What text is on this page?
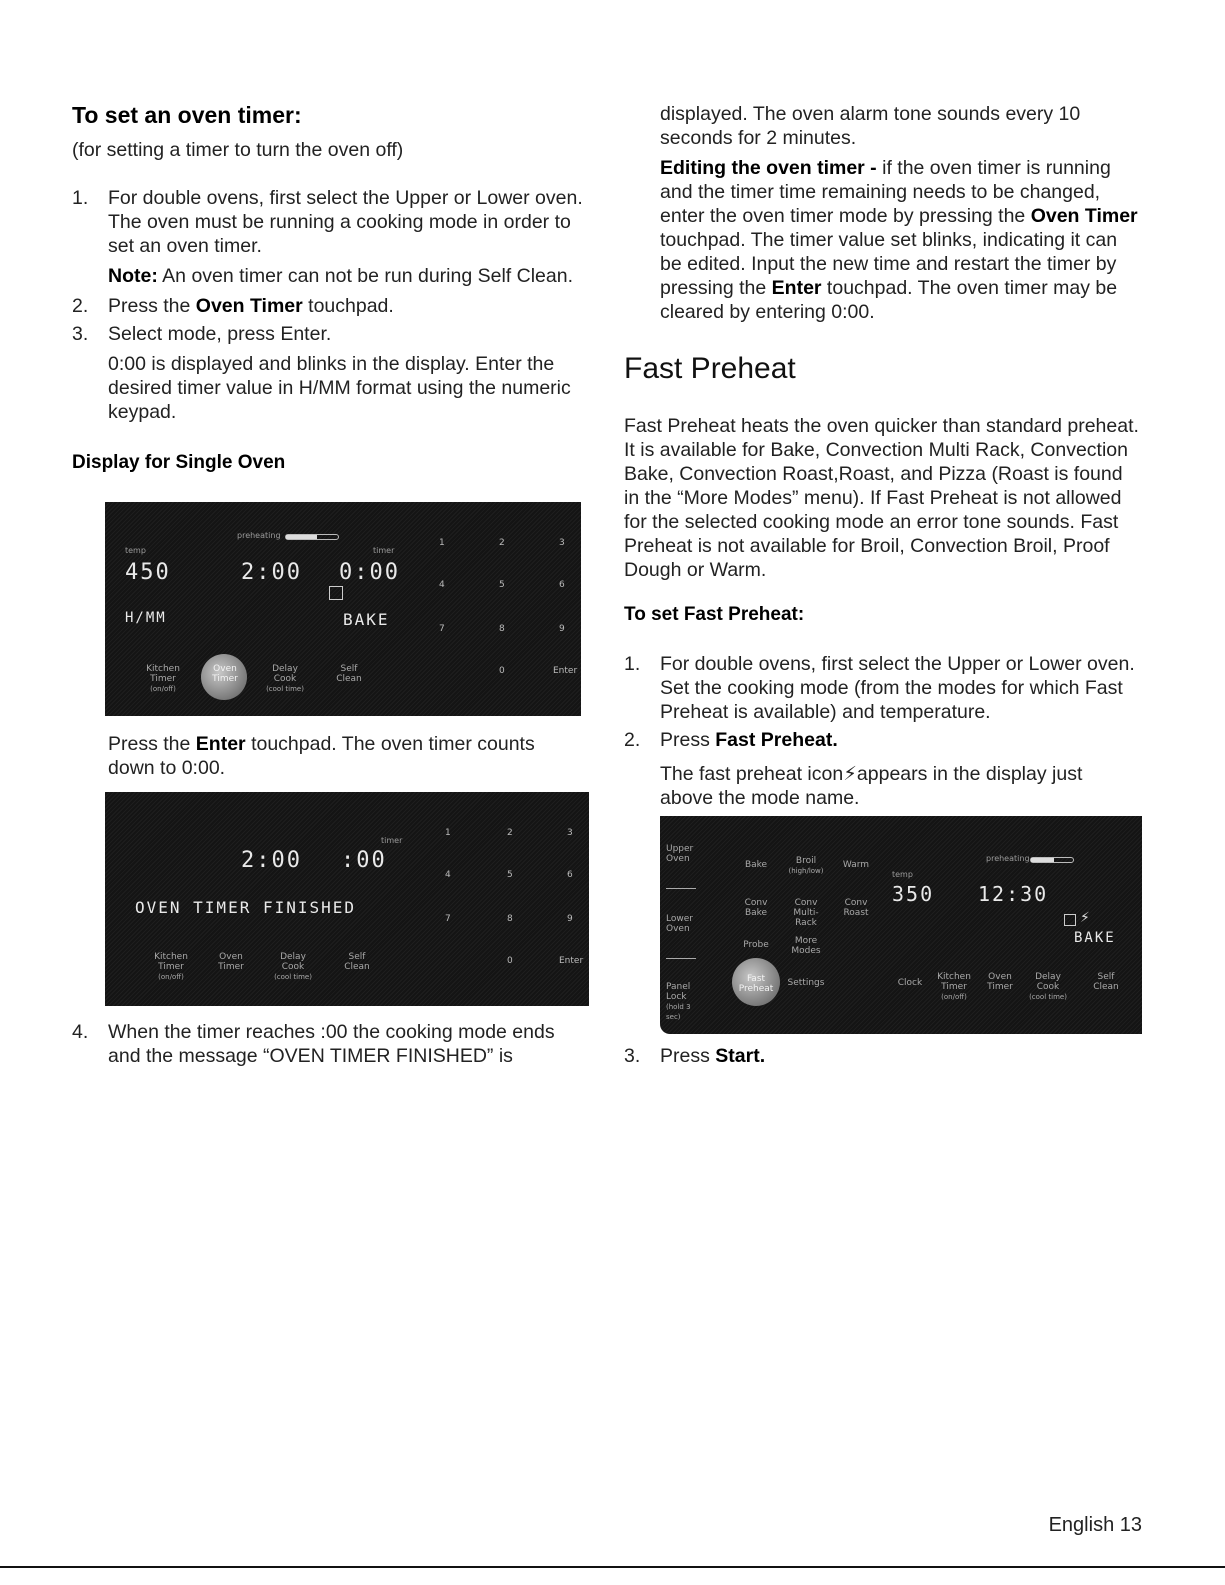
To set an oven timer:

(for setting a timer to turn the oven off)

1. For double ovens, first select the Upper or Lower oven. The oven must be running a cooking mode in order to set an oven timer.

Note: An oven timer can not be run during Self Clean.

2. Press the Oven Timer touchpad.

3. Select mode, press Enter.

0:00 is displayed and blinks in the display. Enter the desired timer value in H/MM format using the numeric keypad.

Display for Single Oven
preheating
temp
450	2:00
timer
0:00
H/MM	BAKE
1	2	3
4	5	6
7	8	9
0	Enter
Kitchen Timer
(on/off)
Oven Timer
Delay Cook
(cool time)
Self Clean

Press the Enter touchpad. The oven timer counts down to 0:00.

timer
2:00 :00
OVEN TIMER FINISHED
1	2	3
4	5	6
7	8	9
0	Enter
Kitchen Timer
(on/off)
Oven Timer
Delay Cook
(cool time)
Self Clean
4. When the timer reaches :00 the cooking mode ends and the message “OVEN TIMER FINISHED” is

displayed. The oven alarm tone sounds every 10 seconds for 2 minutes.

Editing the oven timer - if the oven timer is running and the timer time remaining needs to be changed, enter the oven timer mode by pressing the Oven Timer touchpad. The timer value set blinks, indicating it can be edited. Input the new time and restart the timer by pressing the Enter touchpad. The oven timer may be cleared by entering 0:00.

Fast Preheat

Fast Preheat heats the oven quicker than standard preheat. It is available for Bake, Convection Multi Rack, Convection Bake, Convection Roast,Roast, and Pizza (Roast is found in the “More Modes” menu). If Fast Preheat is not allowed for the selected cooking mode an error tone sounds. Fast Preheat is not available for Broil, Convection Broil, Proof Dough or Warm.

To set Fast Preheat:
1. For double ovens, first select the Upper or Lower oven. Set the cooking mode (from the modes for which Fast Preheat is available) and temperature.

2. Press Fast Preheat.

The fast preheat icon⚡appears in the display just above the mode name.

Upper Oven
Lower Oven
Panel Lock
(hold 3 sec)
Bake	Broil
(high/low)
Warm
Conv Bake
Conv Multi-Rack
Conv Roast
Probe	More Modes
Fast Preheat
Settings
temp
350 12:30
preheating
⚡
BAKE
Clock
Kitchen Timer
(on/off)
Oven Timer
Delay Cook
(cool time)
Self Clean
3. Press Start.

English 13
